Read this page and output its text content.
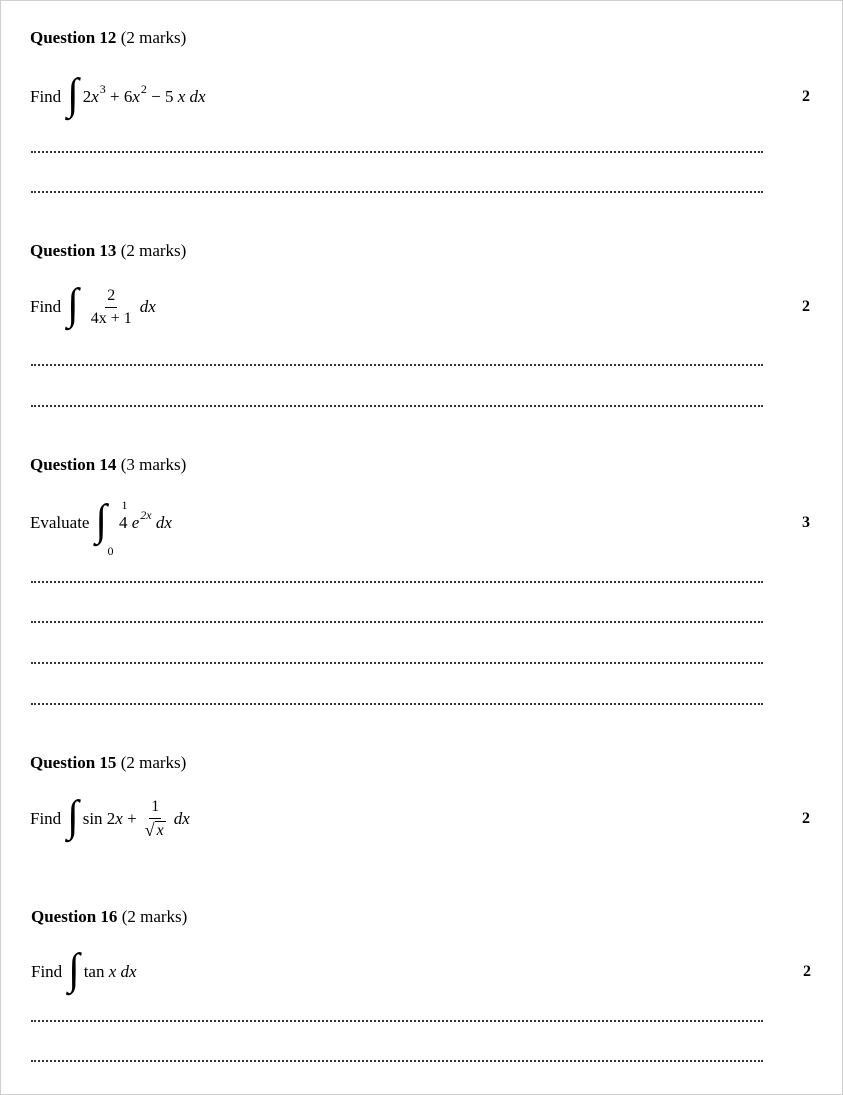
Question 12 (2 marks)
Find ∫ 2 x 3 + 6 x 2 − 5
x
dx	2
Question 13 (2 marks)
Find ∫ $\frac{2}{4x + 1}$ dx	2
Question 14 (3 marks)
Evaluate ∫ 1
0
4
e 2x
dx	3
Question 15 (2 marks)
Find ∫ sin 2 x
+ $\frac{1}{√ x}$ dx	2
Question 16 (2 marks)
Find ∫ tan
x
dx	2
